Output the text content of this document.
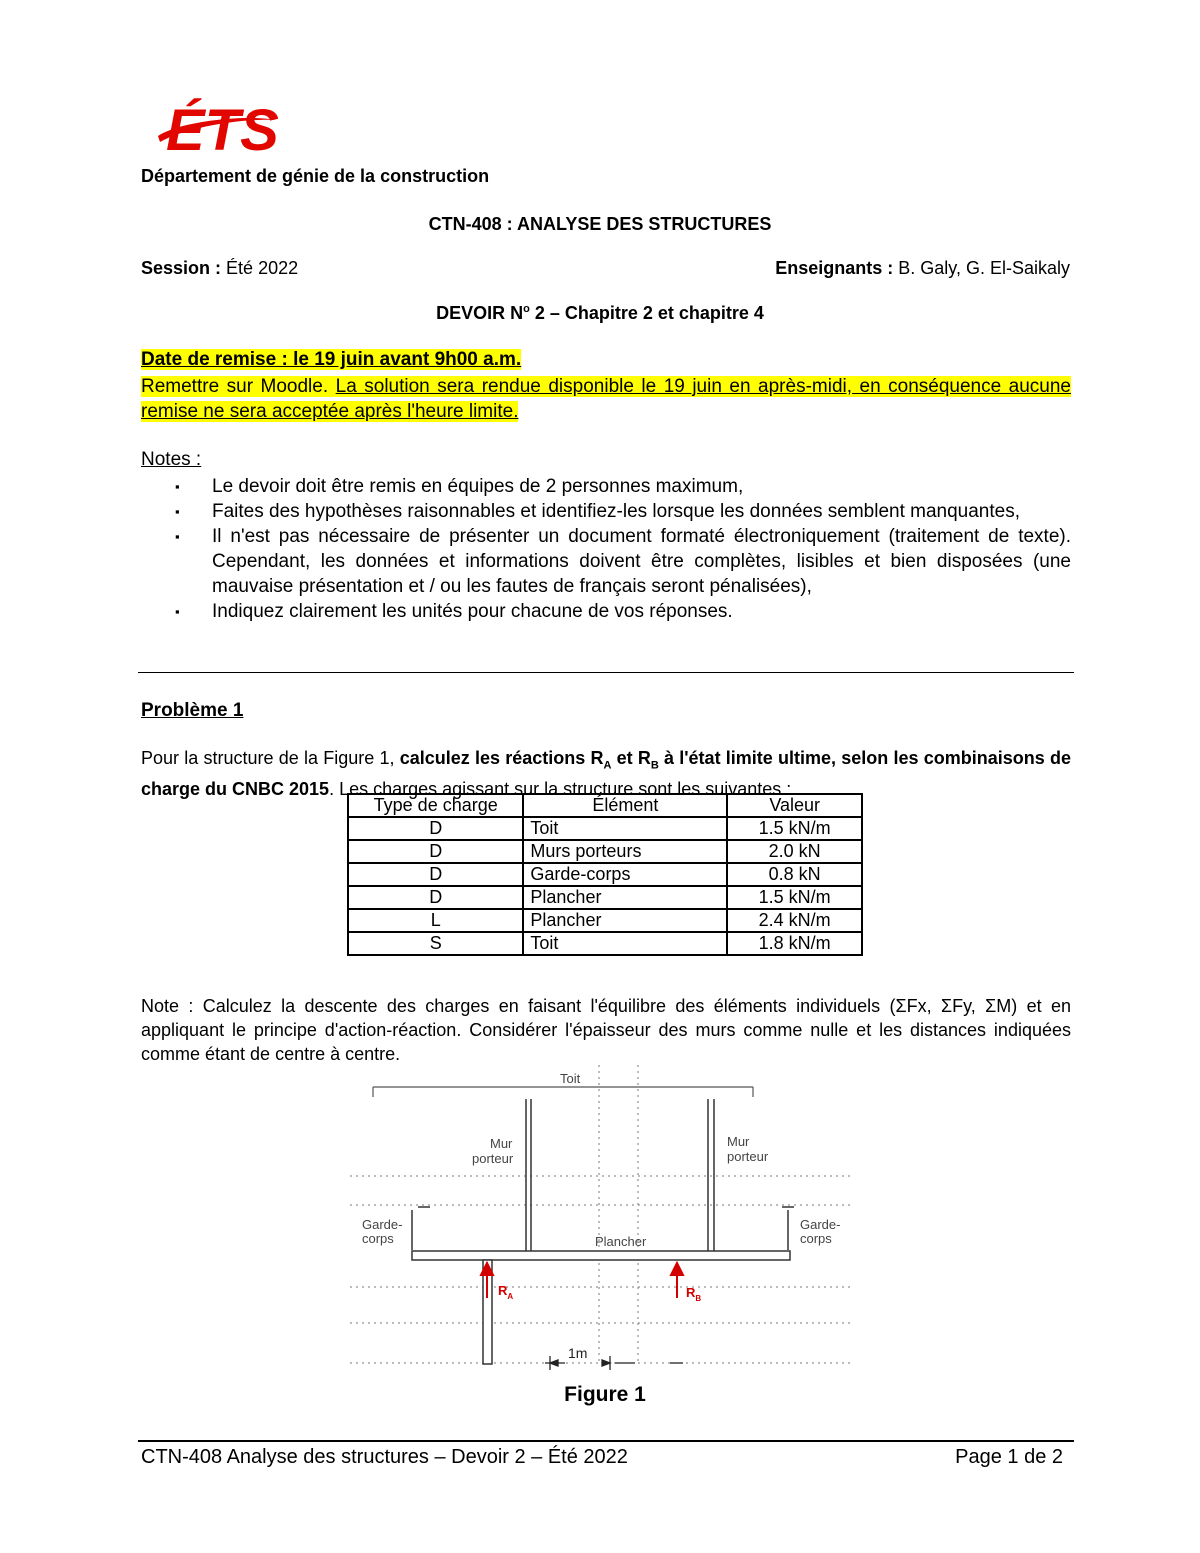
ÉTS
Département de génie de la construction
CTN-408 : ANALYSE DES STRUCTURES
Session : Été 2022	Enseignants : B. Galy, G. El-Saikaly
DEVOIR $N^o$ 2 – Chapitre 2 et chapitre 4
Date de remise : le 19 juin avant 9h00 a.m.
Remettre sur Moodle. La solution sera rendue disponible le 19 juin en après-midi, en conséquence aucune remise ne sera acceptée après l'heure limite.
Notes :
▪ Le devoir doit être remis en équipes de 2 personnes maximum,
▪ Faites des hypothèses raisonnables et identifiez-les lorsque les données semblent manquantes,
▪ Il n'est pas nécessaire de présenter un document formaté électroniquement (traitement de texte). Cependant, les données et informations doivent être complètes, lisibles et bien disposées (une mauvaise présentation et / ou les fautes de français seront pénalisées),
▪ Indiquez clairement les unités pour chacune de vos réponses.
Problème 1
Pour la structure de la Figure 1, calculez les réactions $R_A$ et $R_B$ à l'état limite ultime, selon les combinaisons de charge du CNBC 2015. Les charges agissant sur la structure sont les suivantes :
Type de charge	Élément	Valeur
D	Toit	1.5 kN/m
D	Murs porteurs	2.0 kN
D	Garde-corps	0.8 kN
D	Plancher	1.5 kN/m
L	Plancher	2.4 kN/m
S	Toit	1.8 kN/m
Note : Calculez la descente des charges en faisant l'équilibre des éléments individuels (ΣFx, ΣFy, ΣM) et en appliquant le principe d'action-réaction. Considérer l'épaisseur des murs comme nulle et les distances indiquées comme étant de centre à centre.
Toit
Mur
porteur
Mur
porteur
Garde-
corps
Garde-
corps
Plancher
$R_A$	$R_B$
1m
Figure 1
CTN-408 Analyse des structures – Devoir 2 – Été 2022	Page 1 de 2
